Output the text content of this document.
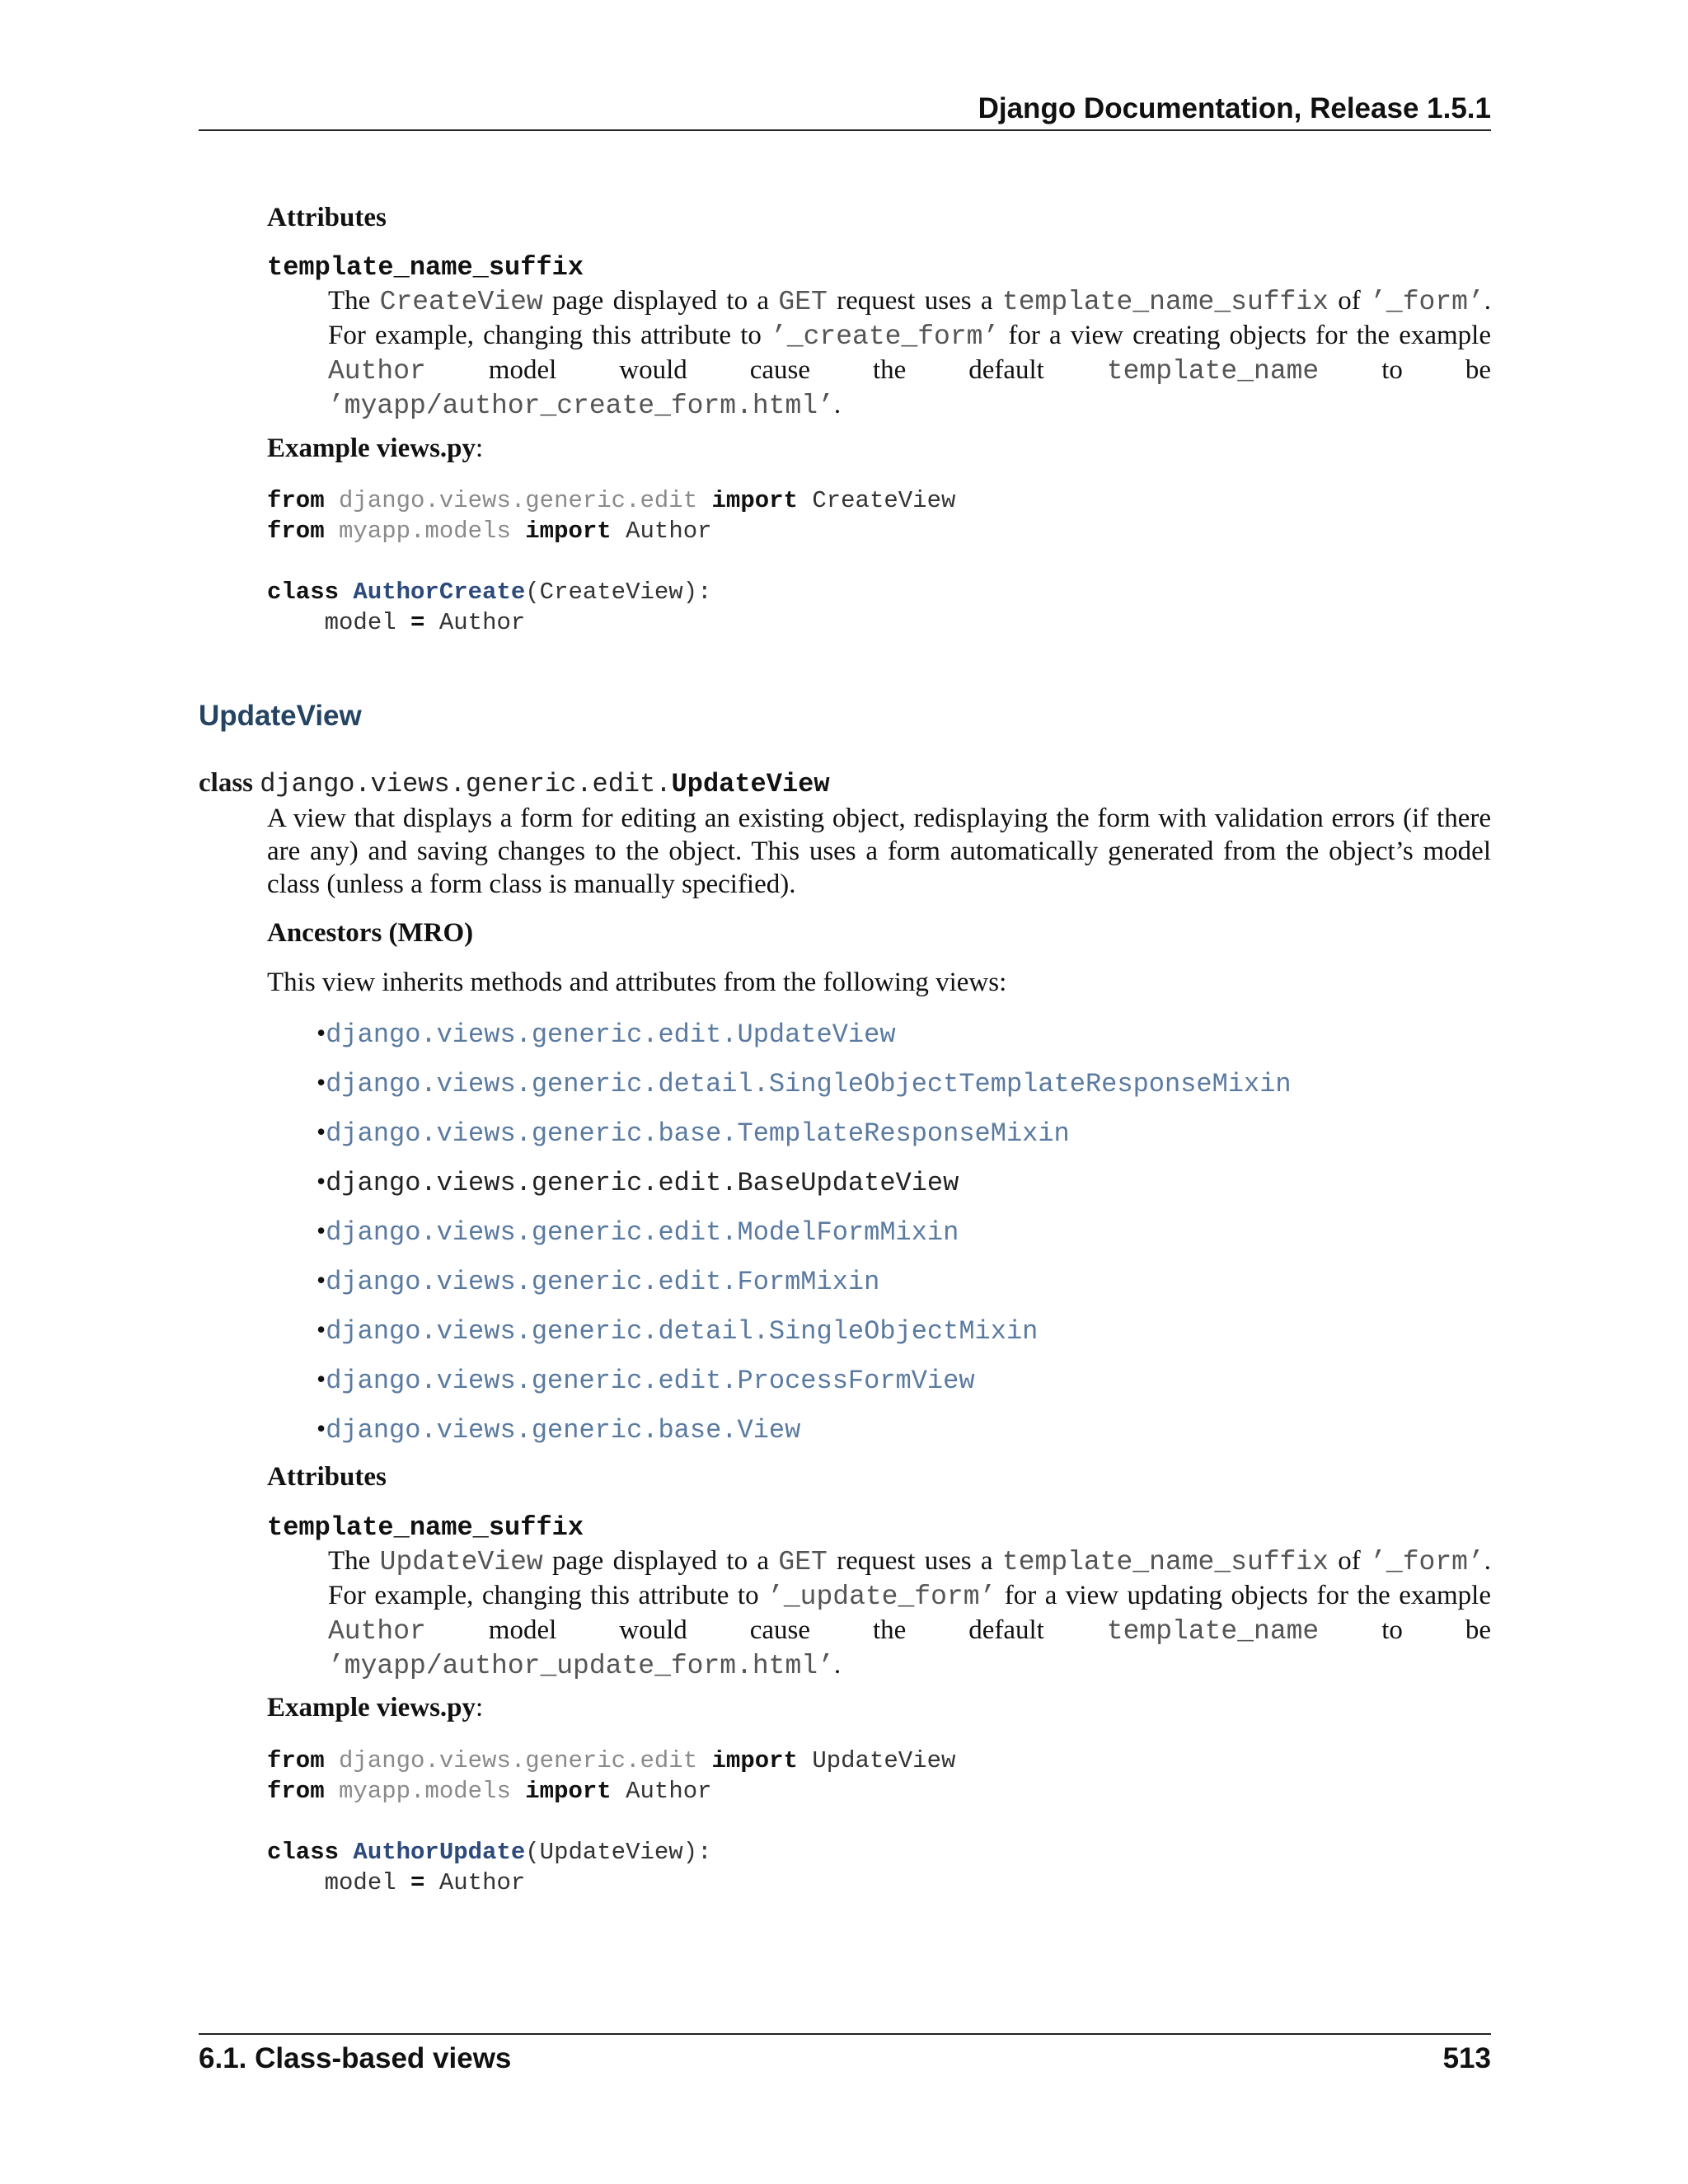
Django Documentation, Release 1.5.1
Attributes
template_name_suffix
The CreateView page displayed to a GET request uses a template_name_suffix of ’_form’. For example, changing this attribute to ’_create_form’ for a view creating objects for the example Author model would cause the default template_name to be ’myapp/author_create_form.html’.
Example views.py:
from django.views.generic.edit import CreateView
from myapp.models import Author

class AuthorCreate(CreateView):
model = Author
UpdateView
class django.views.generic.edit.UpdateView
A view that displays a form for editing an existing object, redisplaying the form with validation errors (if there are any) and saving changes to the object. This uses a form automatically generated from the object’s model class (unless a form class is manually specified).
Ancestors (MRO)
This view inherits methods and attributes from the following views:
•django.views.generic.edit.UpdateView
•django.views.generic.detail.SingleObjectTemplateResponseMixin
•django.views.generic.base.TemplateResponseMixin
•django.views.generic.edit.BaseUpdateView
•django.views.generic.edit.ModelFormMixin
•django.views.generic.edit.FormMixin
•django.views.generic.detail.SingleObjectMixin
•django.views.generic.edit.ProcessFormView
•django.views.generic.base.View
Attributes
template_name_suffix
The UpdateView page displayed to a GET request uses a template_name_suffix of ’_form’. For example, changing this attribute to ’_update_form’ for a view updating objects for the example Author model would cause the default template_name to be ’myapp/author_update_form.html’.
Example views.py:
from django.views.generic.edit import UpdateView
from myapp.models import Author

class AuthorUpdate(UpdateView):
model = Author
6.1. Class-based views	513
